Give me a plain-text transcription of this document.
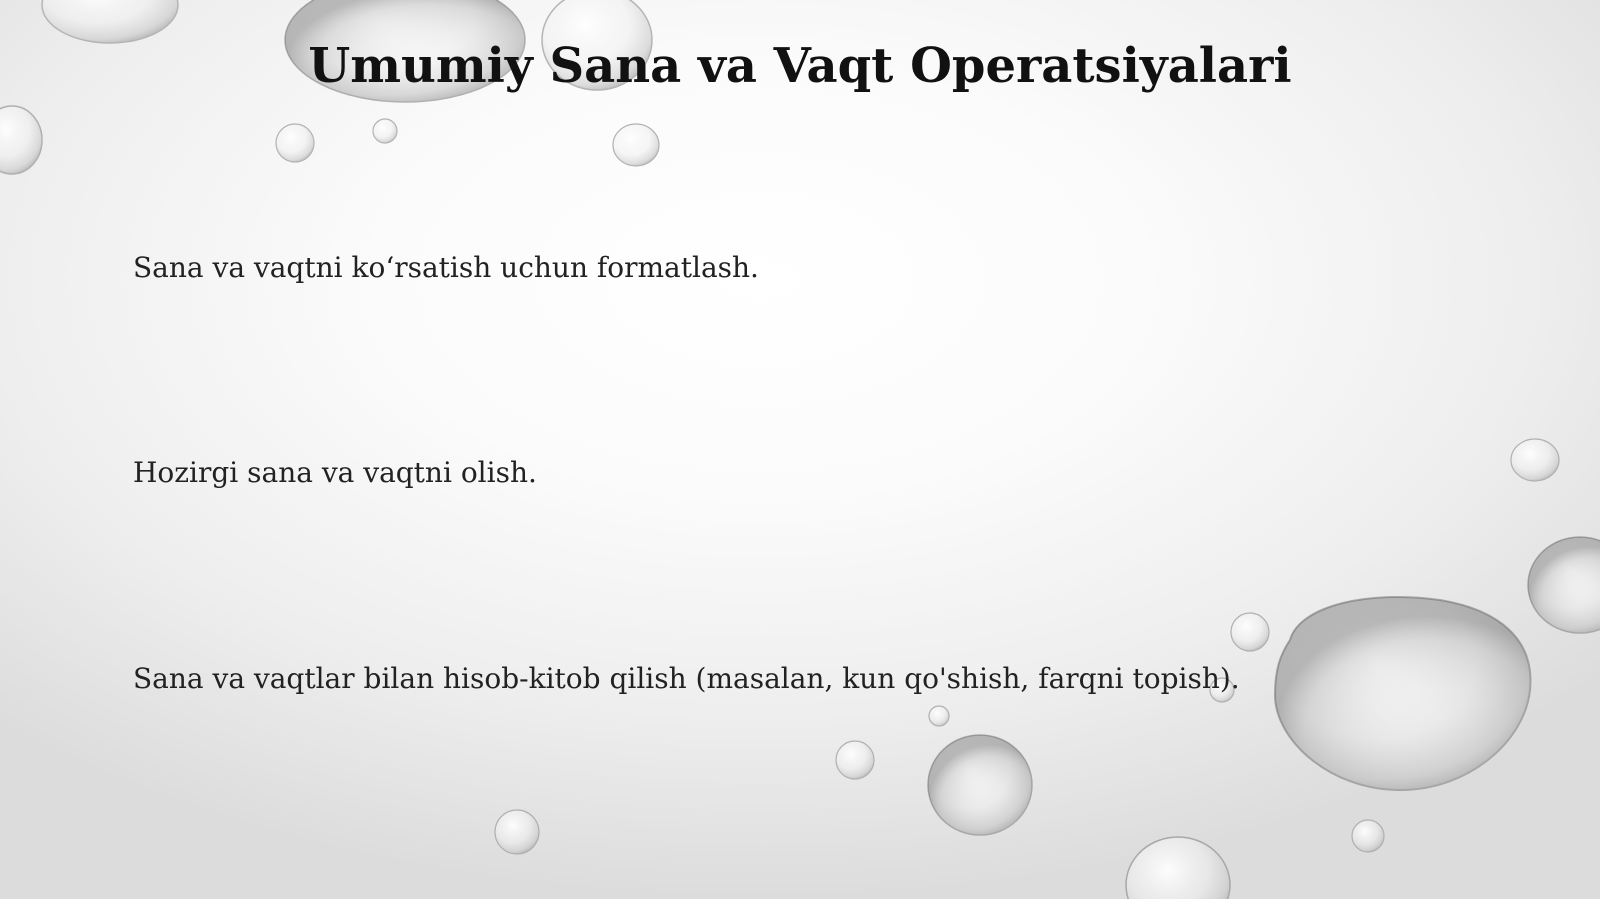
Umumiy Sana va Vaqt Operatsiyalari

Sana va vaqtni ko‘rsatish uchun formatlash.

Hozirgi sana va vaqtni olish.

Sana va vaqtlar bilan hisob-kitob qilish (masalan, kun qo'shish, farqni topish).
